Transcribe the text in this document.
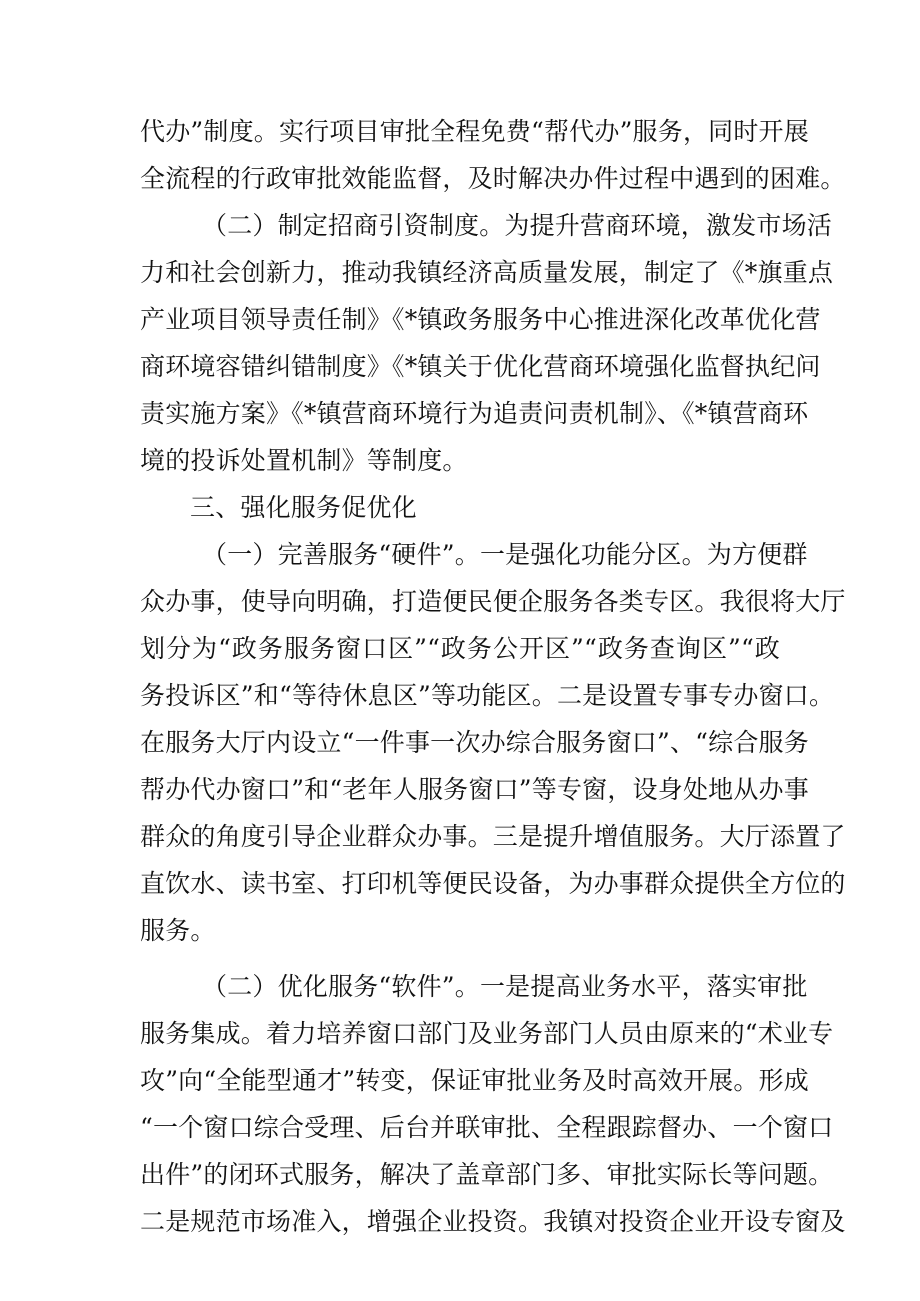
代办”制度。实行项目审批全程免费“帮代办”服务，同时开展
全流程的行政审批效能监督，及时解决办件过程中遇到的困难。
（二）制定招商引资制度。为提升营商环境，激发市场活
力和社会创新力，推动我镇经济高质量发展，制定了《*旗重点
产业项目领导责任制》《*镇政务服务中心推进深化改革优化营
商环境容错纠错制度》《*镇关于优化营商环境强化监督执纪问
责实施方案》《*镇营商环境行为追责问责机制》、《*镇营商环
境的投诉处置机制》等制度。
三、强化服务促优化
（一）完善服务“硬件”。一是强化功能分区。为方便群
众办事，使导向明确，打造便民便企服务各类专区。我很将大厅
划分为“政务服务窗口区”“政务公开区”“政务查询区”“政
务投诉区”和“等待休息区”等功能区。二是设置专事专办窗口。
在服务大厅内设立“一件事一次办综合服务窗口”、“综合服务
帮办代办窗口”和“老年人服务窗口”等专窗，设身处地从办事
群众的角度引导企业群众办事。三是提升增值服务。大厅添置了
直饮水、读书室、打印机等便民设备，为办事群众提供全方位的
服务。
（二）优化服务“软件”。一是提高业务水平，落实审批
服务集成。着力培养窗口部门及业务部门人员由原来的“术业专
攻”向“全能型通才”转变，保证审批业务及时高效开展。形成
“一个窗口综合受理、后台并联审批、全程跟踪督办、一个窗口
出件”的闭环式服务，解决了盖章部门多、审批实际长等问题。
二是规范市场准入，增强企业投资。我镇对投资企业开设专窗及
